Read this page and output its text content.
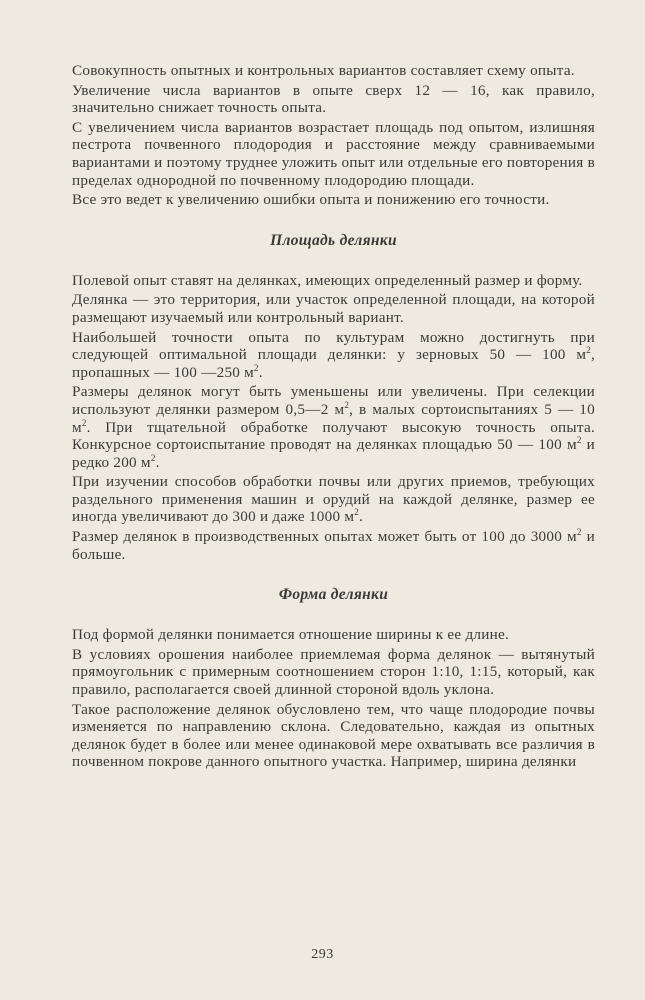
Совокупность опытных и контрольных вариантов составляет схему опыта.

Увеличение числа вариантов в опыте сверх 12 — 16, как правило, значительно снижает точность опыта.

С увеличением числа вариантов возрастает площадь под опытом, излишняя пестрота почвенного плодородия и расстояние между сравниваемыми вариантами и поэтому труднее уложить опыт или отдельные его повторения в пределах однородной по почвенному плодородию площади.

Все это ведет к увеличению ошибки опыта и понижению его точности.

Площадь делянки

Полевой опыт ставят на делянках, имеющих определенный размер и форму.

Делянка — это территория, или участок определенной площади, на которой размещают изучаемый или контрольный вариант.

Наибольшей точности опыта по культурам можно достигнуть при следующей оптимальной площади делянки: у зерновых 50 — 100 $м^2$, пропашных — 100 —250 $м^2$.

Размеры делянок могут быть уменьшены или увеличены. При селекции используют делянки размером 0,5—2 $м^2$, в малых сортоиспытаниях 5 — 10 $м^2$. При тщательной обработке получают высокую точность опыта. Конкурсное сортоиспытание проводят на делянках площадью 50 — 100 $м^2$ и редко 200 $м^2$.

При изучении способов обработки почвы или других приемов, требующих раздельного применения машин и орудий на каждой делянке, размер ее иногда увеличивают до 300 и даже 1000 $м^2$.

Размер делянок в производственных опытах может быть от 100 до 3000 $м^2$ и больше.

Форма делянки

Под формой делянки понимается отношение ширины к ее длине.

В условиях орошения наиболее приемлемая форма делянок — вытянутый прямоугольник с примерным соотношением сторон 1:10, 1:15, который, как правило, располагается своей длинной стороной вдоль уклона.

Такое расположение делянок обусловлено тем, что чаще плодородие почвы изменяется по направлению склона. Следовательно, каждая из опытных делянок будет в более или менее одинаковой мере охватывать все различия в почвенном покрове данного опытного участка. Например, ширина делянки

293
